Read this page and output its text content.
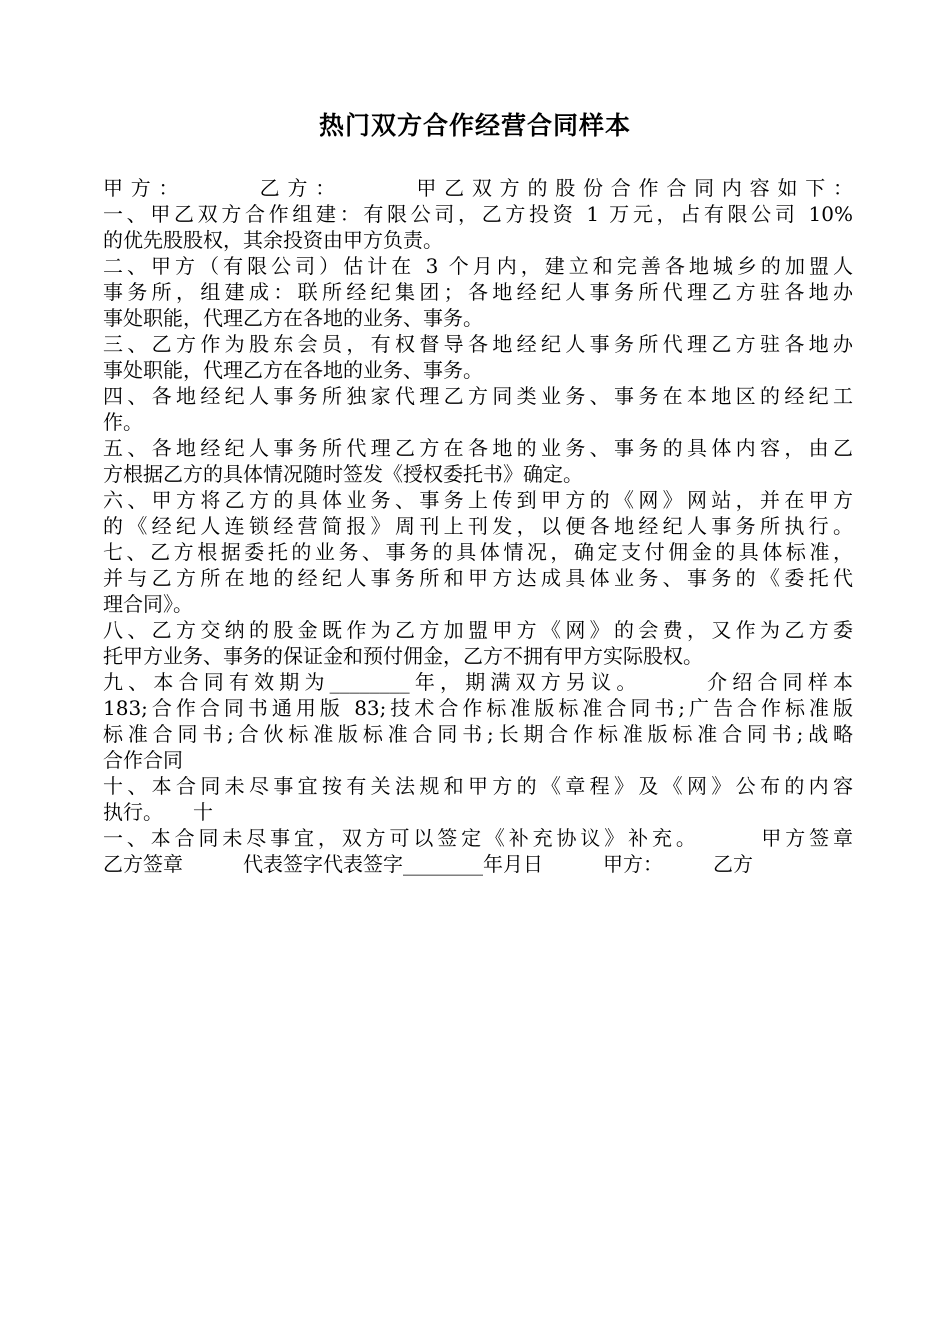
热门双方合作经营合同样本
甲方：　　　乙方：　　　甲乙双方的股份合作合同内容如下：
一、甲乙双方合作组建：有限公司，乙方投资 1 万元，占有限公司 10%
的优先股股权，其余投资由甲方负责。
二、甲方（有限公司）估计在 3 个月内，建立和完善各地城乡的加盟人
事务所，组建成：联所经纪集团；各地经纪人事务所代理乙方驻各地办
事处职能，代理乙方在各地的业务、事务。
三、乙方作为股东会员，有权督导各地经纪人事务所代理乙方驻各地办
事处职能，代理乙方在各地的业务、事务。
四、各地经纪人事务所独家代理乙方同类业务、事务在本地区的经纪工
作。
五、各地经纪人事务所代理乙方在各地的业务、事务的具体内容，由乙
方根据乙方的具体情况随时签发《授权委托书》确定。
六、甲方将乙方的具体业务、事务上传到甲方的《网》网站，并在甲方
的《经纪人连锁经营简报》周刊上刊发，以便各地经纪人事务所执行。
七、乙方根据委托的业务、事务的具体情况，确定支付佣金的具体标准，
并与乙方所在地的经纪人事务所和甲方达成具体业务、事务的《委托代
理合同》。
八、乙方交纳的股金既作为乙方加盟甲方《网》的会费，又作为乙方委
托甲方业务、事务的保证金和预付佣金，乙方不拥有甲方实际股权。
九、本合同有效期为________年，期满双方另议。　　　介绍合同样本
183;合作合同书通用版 83;技术合作标准版标准合同书;广告合作标准版
标准合同书;合伙标准版标准合同书;长期合作标准版标准合同书;战略
合作合同
十、本合同未尽事宜按有关法规和甲方的《章程》及《网》公布的内容
执行。　　十
一、本合同未尽事宜，双方可以签定《补充协议》补充。　　　甲方签章
乙方签章　　　代表签字代表签字________年月日　　　甲方：　　　乙方
